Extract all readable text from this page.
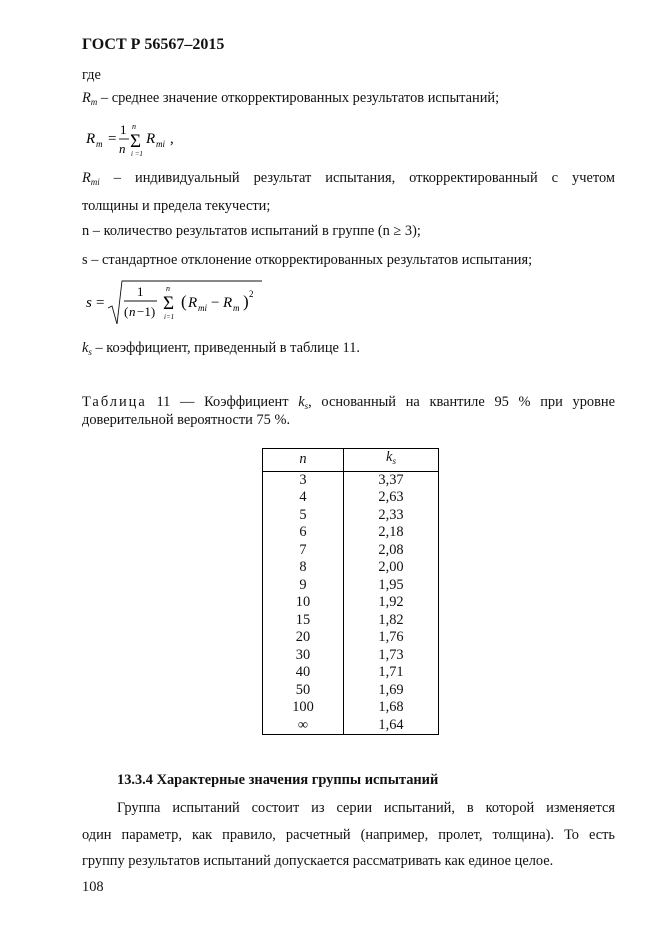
ГОСТ Р 56567–2015
где
$R_m$ – среднее значение откорректированных результатов испытаний;
R m =
1
n
n
Σ
i =1
R mi ,
$R_{mi}$ – индивидуальный результат испытания, откорректированный с учетом
толщины и предела текучести;
n – количество результатов испытаний в группе (n ≥ 3);
s – стандартное отклонение откорректированных результатов испытания;
s =
1
( n −1)
n
Σ
i=1
( R mi − R m ) 2
$k_s$ – коэффициент, приведенный в таблице 11.
Таблица 11 — Коэффициент $k_s$, основанный на квантиле 95 % при уровне
доверительной вероятности 75 %.
n	$k_s$
3	3,37
4	2,63
5	2,33
6	2,18
7	2,08
8	2,00
9	1,95
10	1,92
15	1,82
20	1,76
30	1,73
40	1,71
50	1,69
100	1,68
∞	1,64
13.3.4 Характерные значения группы испытаний
Группа испытаний состоит из серии испытаний, в которой изменяется
один параметр, как правило, расчетный (например, пролет, толщина). То есть
группу результатов испытаний допускается рассматривать как единое целое.
108
